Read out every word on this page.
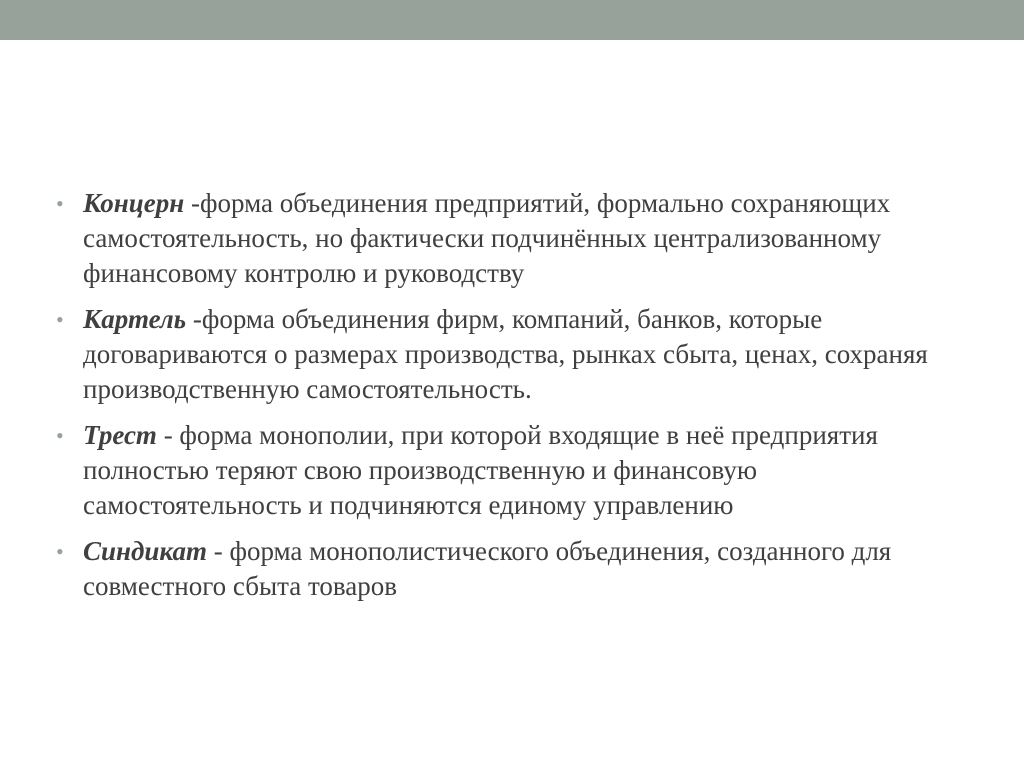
• Концерн -форма объединения предприятий, формально сохраняющих самостоятельность, но фактически подчинённых централизованному финансовому контролю и руководству
• Картель -форма объединения фирм, компаний, банков, которые договариваются о размерах производства, рынках сбыта, ценах, сохраняя производственную самостоятельность.
• Трест - форма монополии, при которой входящие в неё предприятия полностью теряют свою производственную и финансовую самостоятельность и подчиняются единому управлению
• Синдикат - форма монополистического объединения, созданного для совместного сбыта товаров
